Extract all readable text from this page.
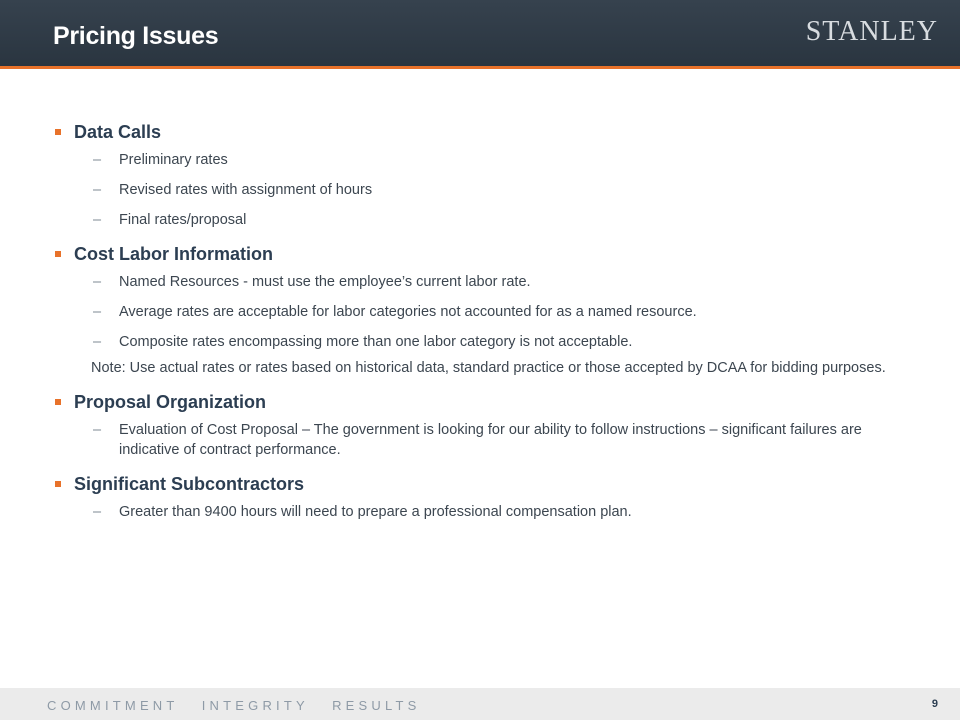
Pricing Issues	STANLEY
Data Calls
– Preliminary rates
– Revised rates with assignment of hours
– Final rates/proposal
Cost Labor Information
– Named Resources - must use the employee’s current labor rate.
– Average rates are acceptable for labor categories not accounted for as a named resource.
– Composite rates encompassing more than one labor category is not acceptable.

Note: Use actual rates or rates based on historical data, standard practice or those accepted by DCAA for bidding purposes.

Proposal Organization
– Evaluation of Cost Proposal – The government is looking for our ability to follow instructions – significant failures are indicative of contract performance.
Significant Subcontractors
– Greater than 9400 hours will need to prepare a professional compensation plan.
COMMITMENT   INTEGRITY   RESULTS	9
